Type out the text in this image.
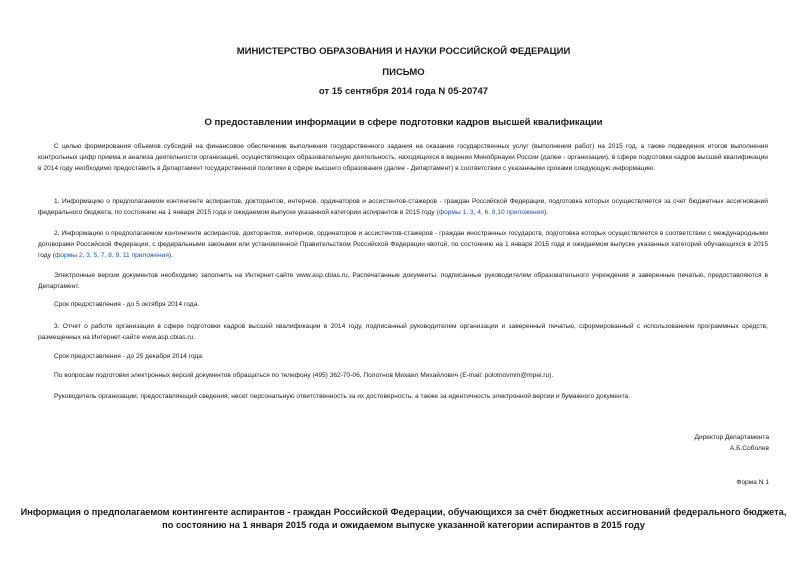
МИНИСТЕРСТВО ОБРАЗОВАНИЯ И НАУКИ РОССИЙСКОЙ ФЕДЕРАЦИИ
ПИСЬМО
от 15 сентября 2014 года N 05-20747
О предоставлении информации в сфере подготовки кадров высшей квалификации

С целью формирования объемов субсидий на финансовое обеспечение выполнения государственного задания на оказание государственных услуг (выполнения работ) на 2015 год, а также подведения итогов выполнения контрольных цифр приема и анализа деятельности организаций, осуществляющих образовательную деятельность, находящихся в ведении Минобрнауки России (далее - организации), в сфере подготовки кадров высшей квалификации в 2014 году необходимо предоставить в Департамент государственной политики в сфере высшего образования (далее - Департамент) в соответствии с указанными сроками следующую информацию:

1. Информацию о предполагаемом контингенте аспирантов, докторантов, интернов, ординаторов и ассистентов-стажеров - граждан Российской Федерации, подготовка которых осуществляется за счет бюджетных ассигнований федерального бюджета, по состоянию на 1 января 2015 года и ожидаемом выпуске указанной категории аспирантов в 2015 году (формы 1, 3, 4, 6, 8,10 приложения).

2. Информацию о предполагаемом контингенте аспирантов, докторантов, интернов, ординаторов и ассистентов-стажеров - граждан иностранных государств, подготовка которых осуществляется в соответствии с международными договорами Российской Федерации, с федеральными законами или установленной Правительством Российской Федерации квотой, по состоянию на 1 января 2015 года и ожидаемом выпуске указанных категорий обучающихся в 2015 году (формы 2, 3, 5, 7, 8, 9, 11 приложения).

Электронные версии документов необходимо заполнить на Интернет-сайте www.asp.cbias.ru. Распечатанные документы, подписанные руководителем образовательного учреждения и заверенные печатью, предоставляются в Департамент.

Срок предоставления - до 5 октября 2014 года.

3. Отчет о работе организации в сфере подготовки кадров высшей квалификации в 2014 году, подписанный руководителем организации и заверенный печатью, сформированный с использованием программных средств, размещенных на Интернет-сайте www.asp.cbias.ru.

Срок предоставления - до 25 декабря 2014 года.

По вопросам подготовки электронных версий документов обращаться по телефону (495) 362-70-06, Полотнов Михаил Михайлович (E-mail: polotnovmm@mpei.ru).

Руководитель организации, предоставляющий сведения, несет персональную ответственность за их достоверность, а также за идентичность электронной версии и бумажного документа.

Директор Департамента
А.Б.Соболев
Форма N 1
Информация о предполагаемом контингенте аспирантов - граждан Российской Федерации, обучающихся за счёт бюджетных ассигнований федерального бюджета,
по состоянию на 1 января 2015 года и ожидаемом выпуске указанной категории аспирантов в 2015 году
